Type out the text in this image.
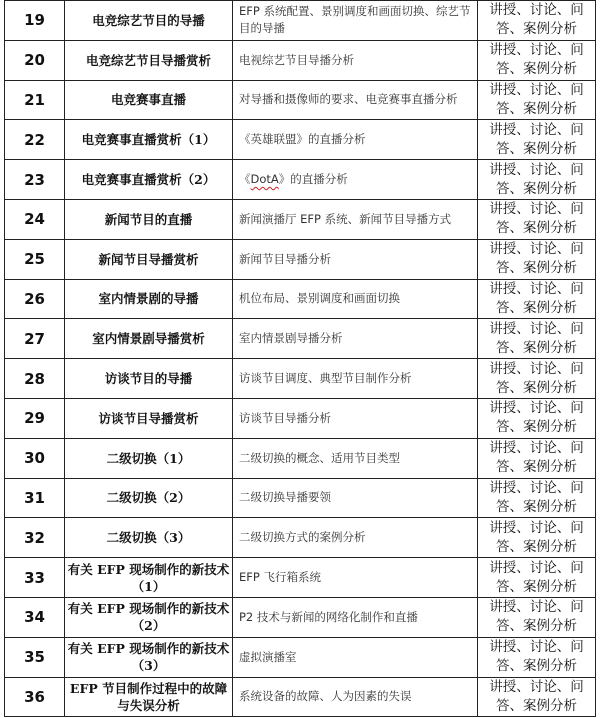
19	电竞综艺节目的导播	EFP 系统配置、景别调度和画面切换、综艺节目的导播	讲授、讨论、问答、案例分析
20	电竞综艺节目导播赏析	电视综艺节目导播分析	讲授、讨论、问答、案例分析
21	电竞赛事直播	对导播和摄像师的要求、电竞赛事直播分析	讲授、讨论、问答、案例分析
22	电竞赛事直播赏析（1）	《英雄联盟》的直播分析	讲授、讨论、问答、案例分析
23	电竞赛事直播赏析（2）	《DotA》的直播分析	讲授、讨论、问答、案例分析
24	新闻节目的直播	新闻演播厅 EFP 系统、新闻节目导播方式	讲授、讨论、问答、案例分析
25	新闻节目导播赏析	新闻节目导播分析	讲授、讨论、问答、案例分析
26	室内情景剧的导播	机位布局、景别调度和画面切换	讲授、讨论、问答、案例分析
27	室内情景剧导播赏析	室内情景剧导播分析	讲授、讨论、问答、案例分析
28	访谈节目的导播	访谈节目调度、典型节目制作分析	讲授、讨论、问答、案例分析
29	访谈节目导播赏析	访谈节目导播分析	讲授、讨论、问答、案例分析
30	二级切换（1）	二级切换的概念、适用节目类型	讲授、讨论、问答、案例分析
31	二级切换（2）	二级切换导播要领	讲授、讨论、问答、案例分析
32	二级切换（3）	二级切换方式的案例分析	讲授、讨论、问答、案例分析
33	有关 EFP 现场制作的新技术（1）	EFP 飞行箱系统	讲授、讨论、问答、案例分析
34	有关 EFP 现场制作的新技术（2）	P2 技术与新闻的网络化制作和直播	讲授、讨论、问答、案例分析
35	有关 EFP 现场制作的新技术（3）	虚拟演播室	讲授、讨论、问答、案例分析
36	EFP 节目制作过程中的故障与失误分析	系统设备的故障、人为因素的失误	讲授、讨论、问答、案例分析
